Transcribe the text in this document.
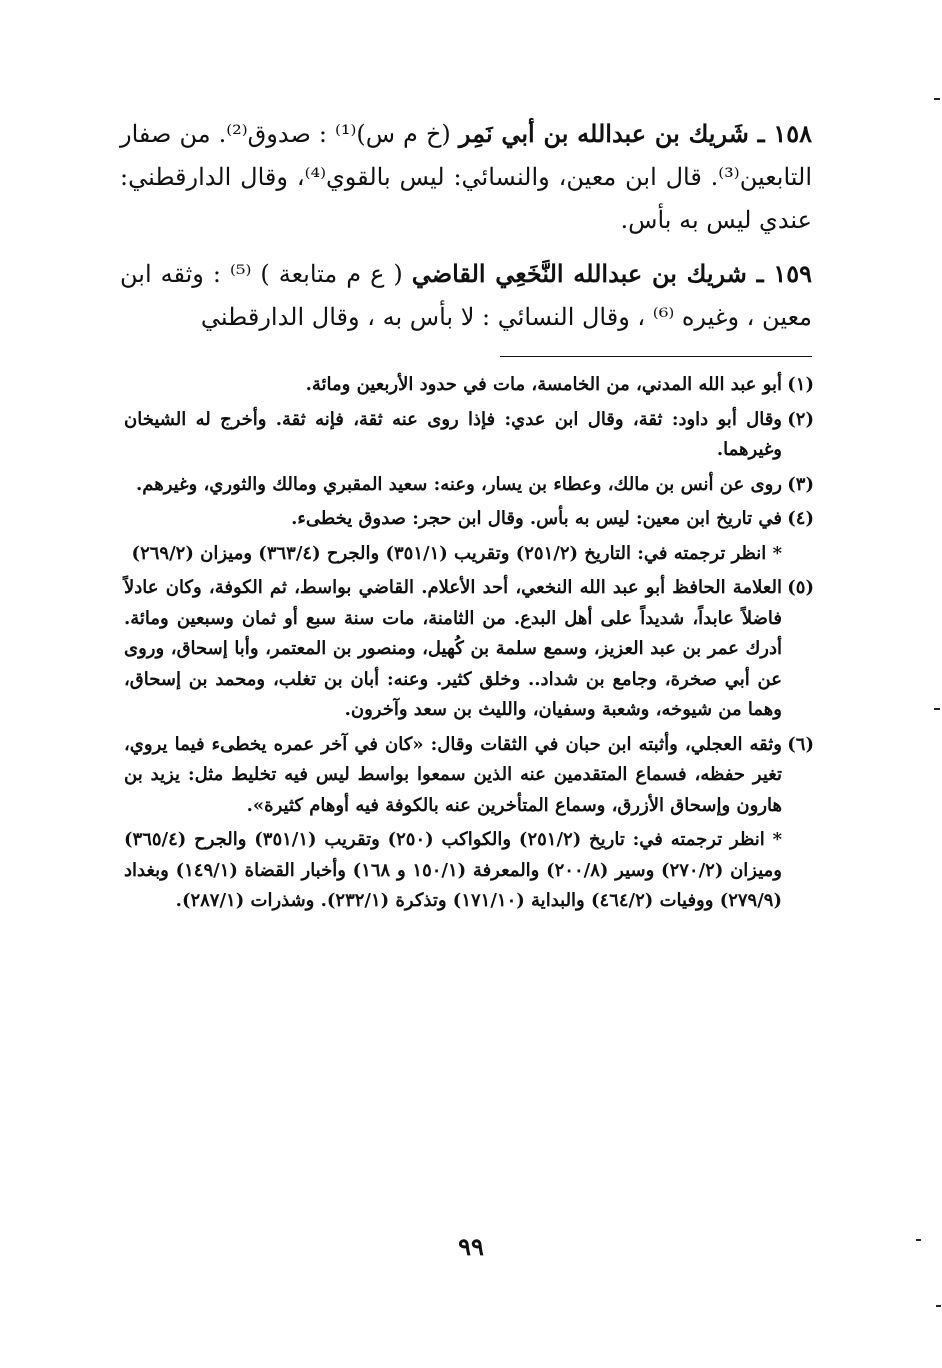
١٥٨ ـ شَريك بن عبدالله بن أبي نَمِر (خ م س)⁽¹⁾ : صدوق⁽²⁾. من صفار التابعين⁽³⁾. قال ابن معين، والنسائي: ليس بالقوي⁽⁴⁾، وقال الدارقطني: عندي ليس به بأس.

١٥٩ ـ شريك بن عبدالله النَّخَعِي القاضي ( ع م متابعة ) ⁽⁵⁾ : وثقه ابن معين ، وغيره ⁽⁶⁾ ، وقال النسائي : لا بأس به ، وقال الدارقطني

(١)
أبو عبد الله المدني، من الخامسة، مات في حدود الأربعين ومائة.
(٢)
وقال أبو داود: ثقة، وقال ابن عدي: فإذا روى عنه ثقة، فإنه ثقة. وأخرج له الشيخان وغيرهما.
(٣)
روى عن أنس بن مالك، وعطاء بن يسار، وعنه: سعيد المقبري ومالك والثوري، وغيرهم.
(٤)
في تاريخ ابن معين: ليس به بأس. وقال ابن حجر: صدوق يخطىء.
* انظر ترجمته في: التاريخ (٢٥١/٢) وتقريب (٣٥١/١) والجرح (٣٦٣/٤) وميزان (٢٦٩/٢)
(٥)
العلامة الحافظ أبو عبد الله النخعي، أحد الأعلام. القاضي بواسط، ثم الكوفة، وكان عادلاً فاضلاً عابداً، شديداً على أهل البدع. من الثامنة، مات سنة سبع أو ثمان وسبعين ومائة. أدرك عمر بن عبد العزيز، وسمع سلمة بن كُهيل، ومنصور بن المعتمر، وأبا إسحاق، وروى عن أبي صخرة، وجامع بن شداد.. وخلق كثير. وعنه: أبان بن تغلب، ومحمد بن إسحاق، وهما من شيوخه، وشعبة وسفيان، والليث بن سعد وآخرون.
(٦)
وثقه العجلي، وأثبته ابن حبان في الثقات وقال: «كان في آخر عمره يخطىء فيما يروي، تغير حفظه، فسماع المتقدمين عنه الذين سمعوا بواسط ليس فيه تخليط مثل: يزيد بن هارون وإسحاق الأزرق، وسماع المتأخرين عنه بالكوفة فيه أوهام كثيرة».
* انظر ترجمته في: تاريخ (٢٥١/٢) والكواكب (٢٥٠) وتقريب (٣٥١/١) والجرح (٣٦٥/٤) وميزان (٢٧٠/٢) وسير (٢٠٠/٨) والمعرفة (١٥٠/١ و ١٦٨) وأخبار القضاة (١٤٩/١) وبغداد (٢٧٩/٩) ووفيات (٤٦٤/٢) والبداية (١٧١/١٠) وتذكرة (٢٣٢/١). وشذرات (٢٨٧/١).
٩٩
